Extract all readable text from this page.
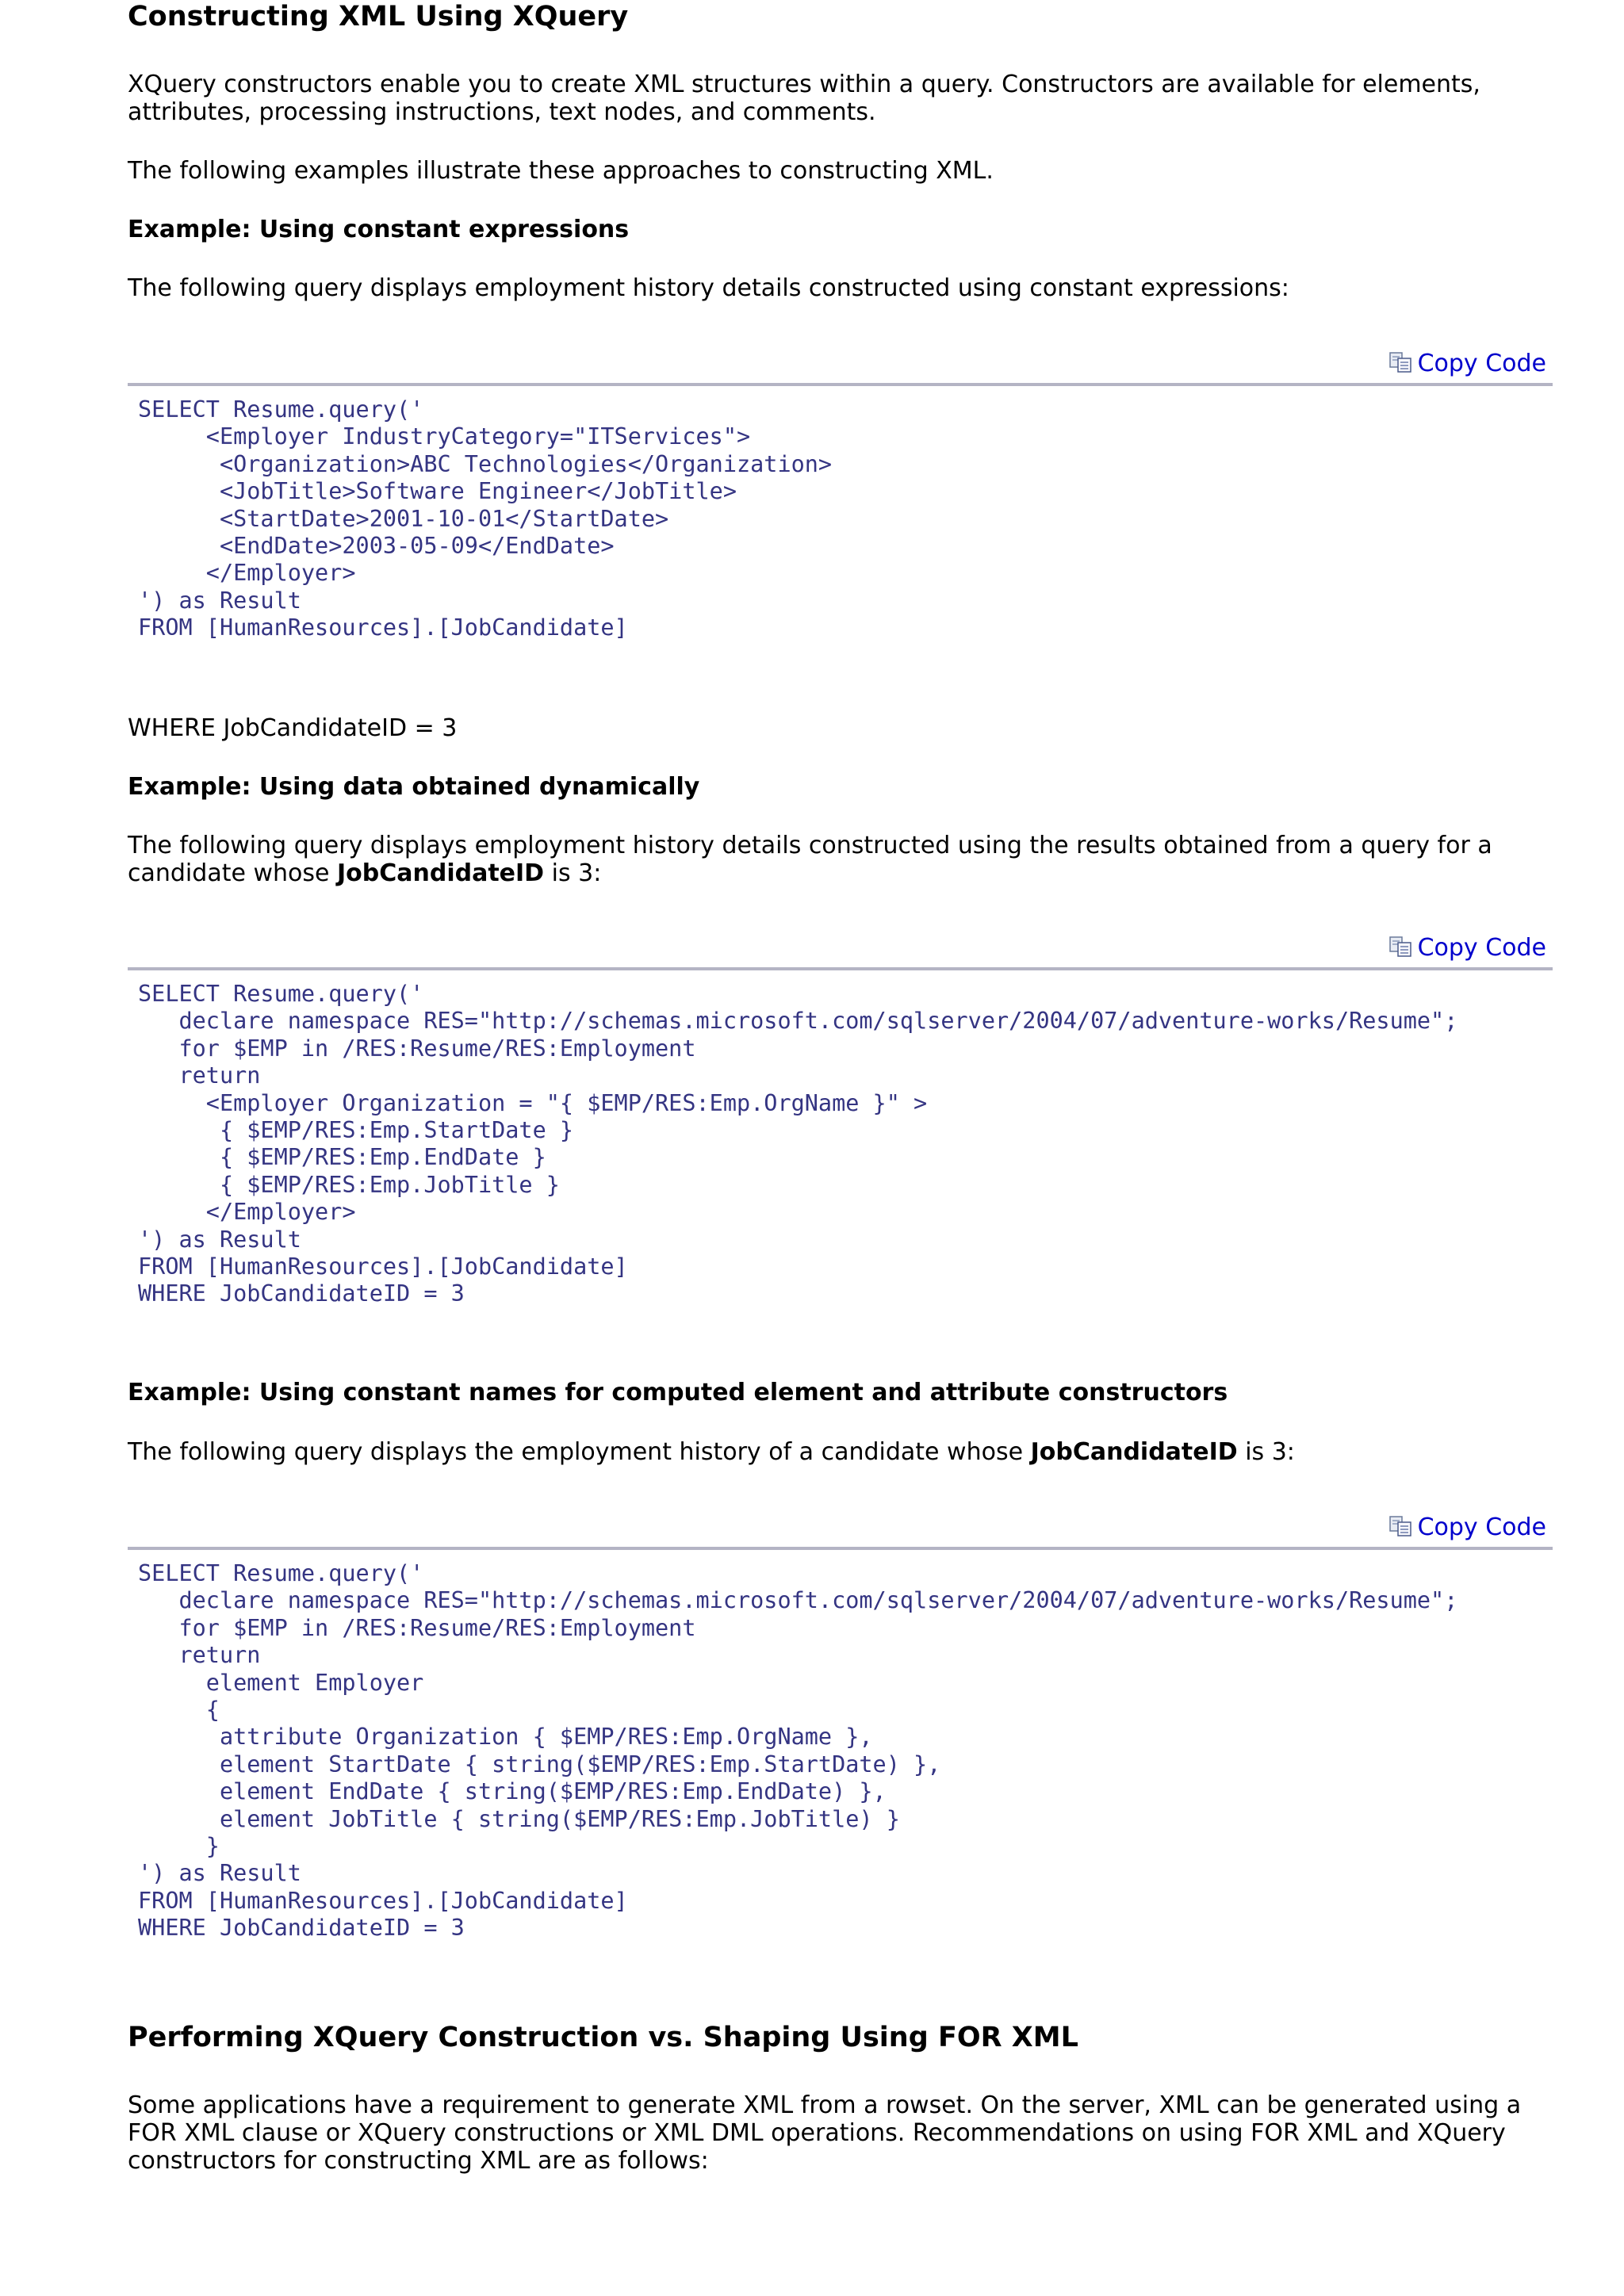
Constructing XML Using XQuery

XQuery constructors enable you to create XML structures within a query. Constructors are available for elements, attributes, processing instructions, text nodes, and comments.

The following examples illustrate these approaches to constructing XML.

Example: Using constant expressions

The following query displays employment history details constructed using constant expressions:

Copy Code
SELECT Resume.query('
<Employer IndustryCategory="ITServices">
<Organization>ABC Technologies</Organization>
<JobTitle>Software Engineer</JobTitle>
<StartDate>2001-10-01</StartDate>
<EndDate>2003-05-09</EndDate>
</Employer>
') as Result
FROM [HumanResources].[JobCandidate]

WHERE JobCandidateID = 3

Example: Using data obtained dynamically

The following query displays employment history details constructed using the results obtained from a query for a candidate whose JobCandidateID is 3:

Copy Code
SELECT Resume.query('
declare namespace RES="http://schemas.microsoft.com/sqlserver/2004/07/adventure-works/Resume";
for $EMP in /RES:Resume/RES:Employment
return
<Employer Organization = "{ $EMP/RES:Emp.OrgName }" >
{ $EMP/RES:Emp.StartDate }
{ $EMP/RES:Emp.EndDate }
{ $EMP/RES:Emp.JobTitle }
</Employer>
') as Result
FROM [HumanResources].[JobCandidate]
WHERE JobCandidateID = 3
Example: Using constant names for computed element and attribute constructors

The following query displays the employment history of a candidate whose JobCandidateID is 3:

Copy Code
SELECT Resume.query('
declare namespace RES="http://schemas.microsoft.com/sqlserver/2004/07/adventure-works/Resume";
for $EMP in /RES:Resume/RES:Employment
return
element Employer
{
attribute Organization { $EMP/RES:Emp.OrgName },
element StartDate { string($EMP/RES:Emp.StartDate) },
element EndDate { string($EMP/RES:Emp.EndDate) },
element JobTitle { string($EMP/RES:Emp.JobTitle) }
}
') as Result
FROM [HumanResources].[JobCandidate]
WHERE JobCandidateID = 3
Performing XQuery Construction vs. Shaping Using FOR XML

Some applications have a requirement to generate XML from a rowset. On the server, XML can be generated using a FOR XML clause or XQuery constructions or XML DML operations. Recommendations on using FOR XML and XQuery constructors for constructing XML are as follows:
